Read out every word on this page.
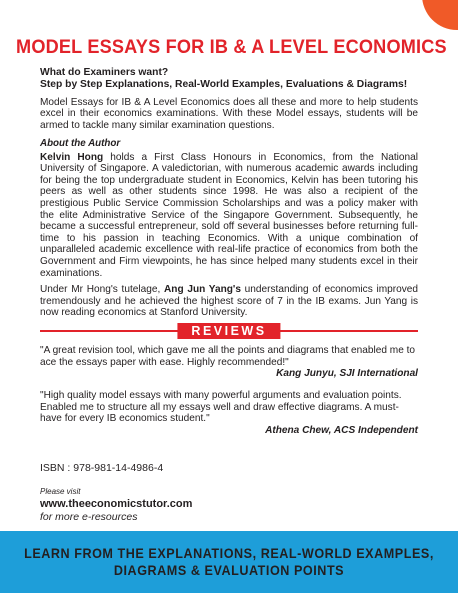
MODEL ESSAYS FOR IB & A LEVEL ECONOMICS
What do Examiners want?
Step by Step Explanations, Real-World Examples, Evaluations & Diagrams!

Model Essays for IB & A Level Economics does all these and more to help students excel in their economics examinations. With these Model essays, students will be armed to tackle many similar examination questions.

About the Author

Kelvin Hong holds a First Class Honours in Economics, from the National University of Singapore. A valedictorian, with numerous academic awards including for being the top undergraduate student in Economics, Kelvin has been tutoring his peers as well as other students since 1998. He was also a recipient of the prestigious Public Service Commission Scholarships and was a policy maker with the elite Administrative Service of the Singapore Government. Subsequently, he became a successful entrepreneur, sold off several businesses before returning full-time to his passion in teaching Economics. With a unique combination of unparalleled academic excellence with real-life practice of economics from both the Government and Firm viewpoints, he has since helped many students excel in their examinations.

Under Mr Hong's tutelage, Ang Jun Yang's understanding of economics improved tremendously and he achieved the highest score of 7 in the IB exams. Jun Yang is now reading economics at Stanford University.

REVIEWS
"A great revision tool, which gave me all the points and diagrams that enabled me to ace the essays paper with ease. Highly recommended!"
Kang Junyu, SJI International
"High quality model essays with many powerful arguments and evaluation points. Enabled me to structure all my essays well and draw effective diagrams. A must-have for every IB economics student."
Athena Chew, ACS Independent
ISBN : 978-981-14-4986-4
Please visit
www.theeconomicstutor.com
for more e-resources
LEARN FROM THE EXPLANATIONS, REAL-WORLD EXAMPLES,
DIAGRAMS & EVALUATION POINTS
